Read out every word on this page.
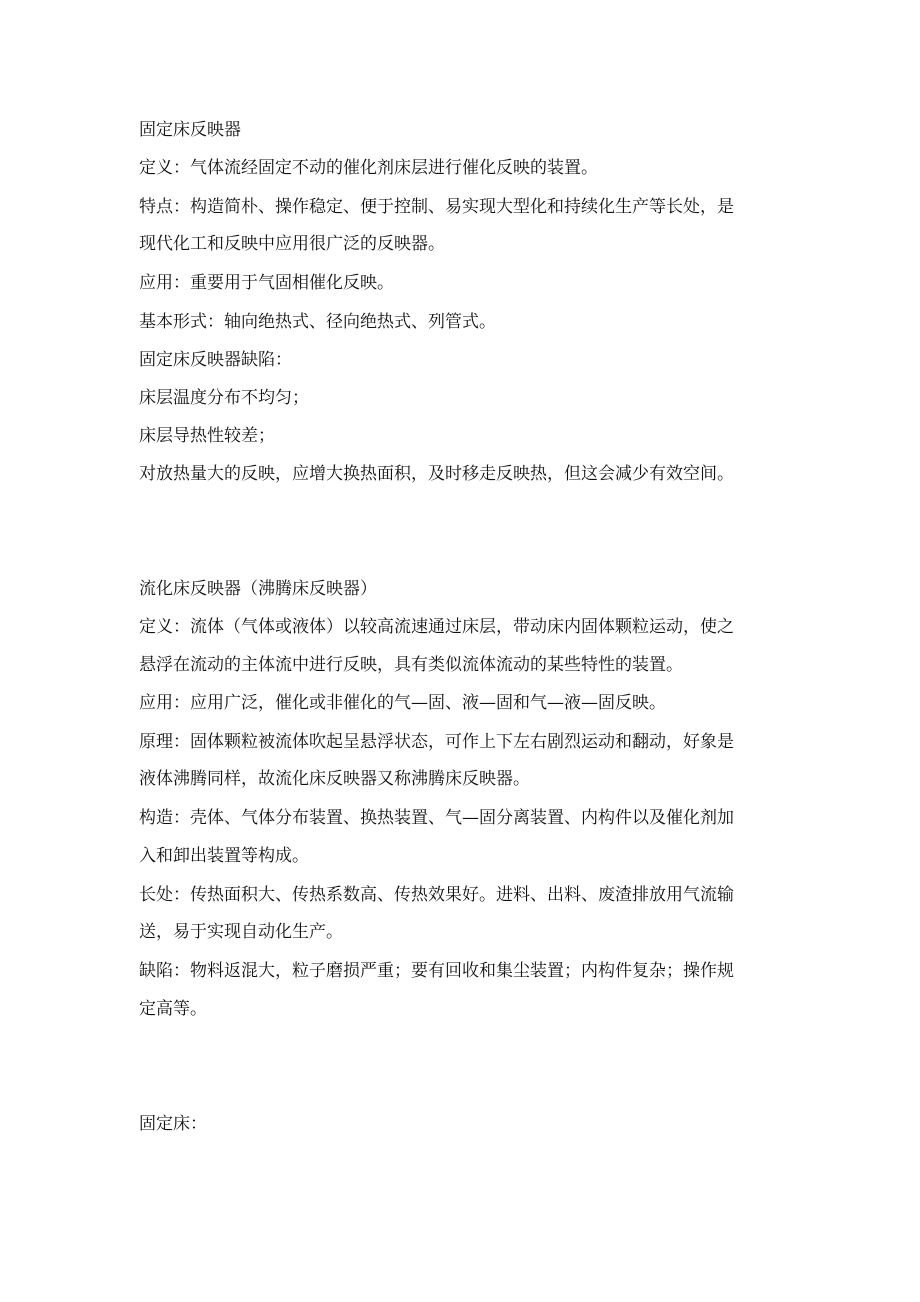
固定床反映器
定义：气体流经固定不动的催化剂床层进行催化反映的装置。
特点：构造简朴、操作稳定、便于控制、易实现大型化和持续化生产等长处，是
现代化工和反映中应用很广泛的反映器。
应用：重要用于气固相催化反映。
基本形式：轴向绝热式、径向绝热式、列管式。
固定床反映器缺陷：
床层温度分布不均匀；
床层导热性较差；
对放热量大的反映，应增大换热面积，及时移走反映热，但这会减少有效空间。
流化床反映器（沸腾床反映器）
定义：流体（气体或液体）以较高流速通过床层，带动床内固体颗粒运动，使之
悬浮在流动的主体流中进行反映，具有类似流体流动的某些特性的装置。
应用：应用广泛，催化或非催化的气—固、液—固和气—液—固反映。
原理：固体颗粒被流体吹起呈悬浮状态，可作上下左右剧烈运动和翻动，好象是
液体沸腾同样，故流化床反映器又称沸腾床反映器。
构造：壳体、气体分布装置、换热装置、气—固分离装置、内构件以及催化剂加
入和卸出装置等构成。
长处：传热面积大、传热系数高、传热效果好。进料、出料、废渣排放用气流输
送，易于实现自动化生产。
缺陷：物料返混大，粒子磨损严重；要有回收和集尘装置；内构件复杂；操作规
定高等。
固定床：
